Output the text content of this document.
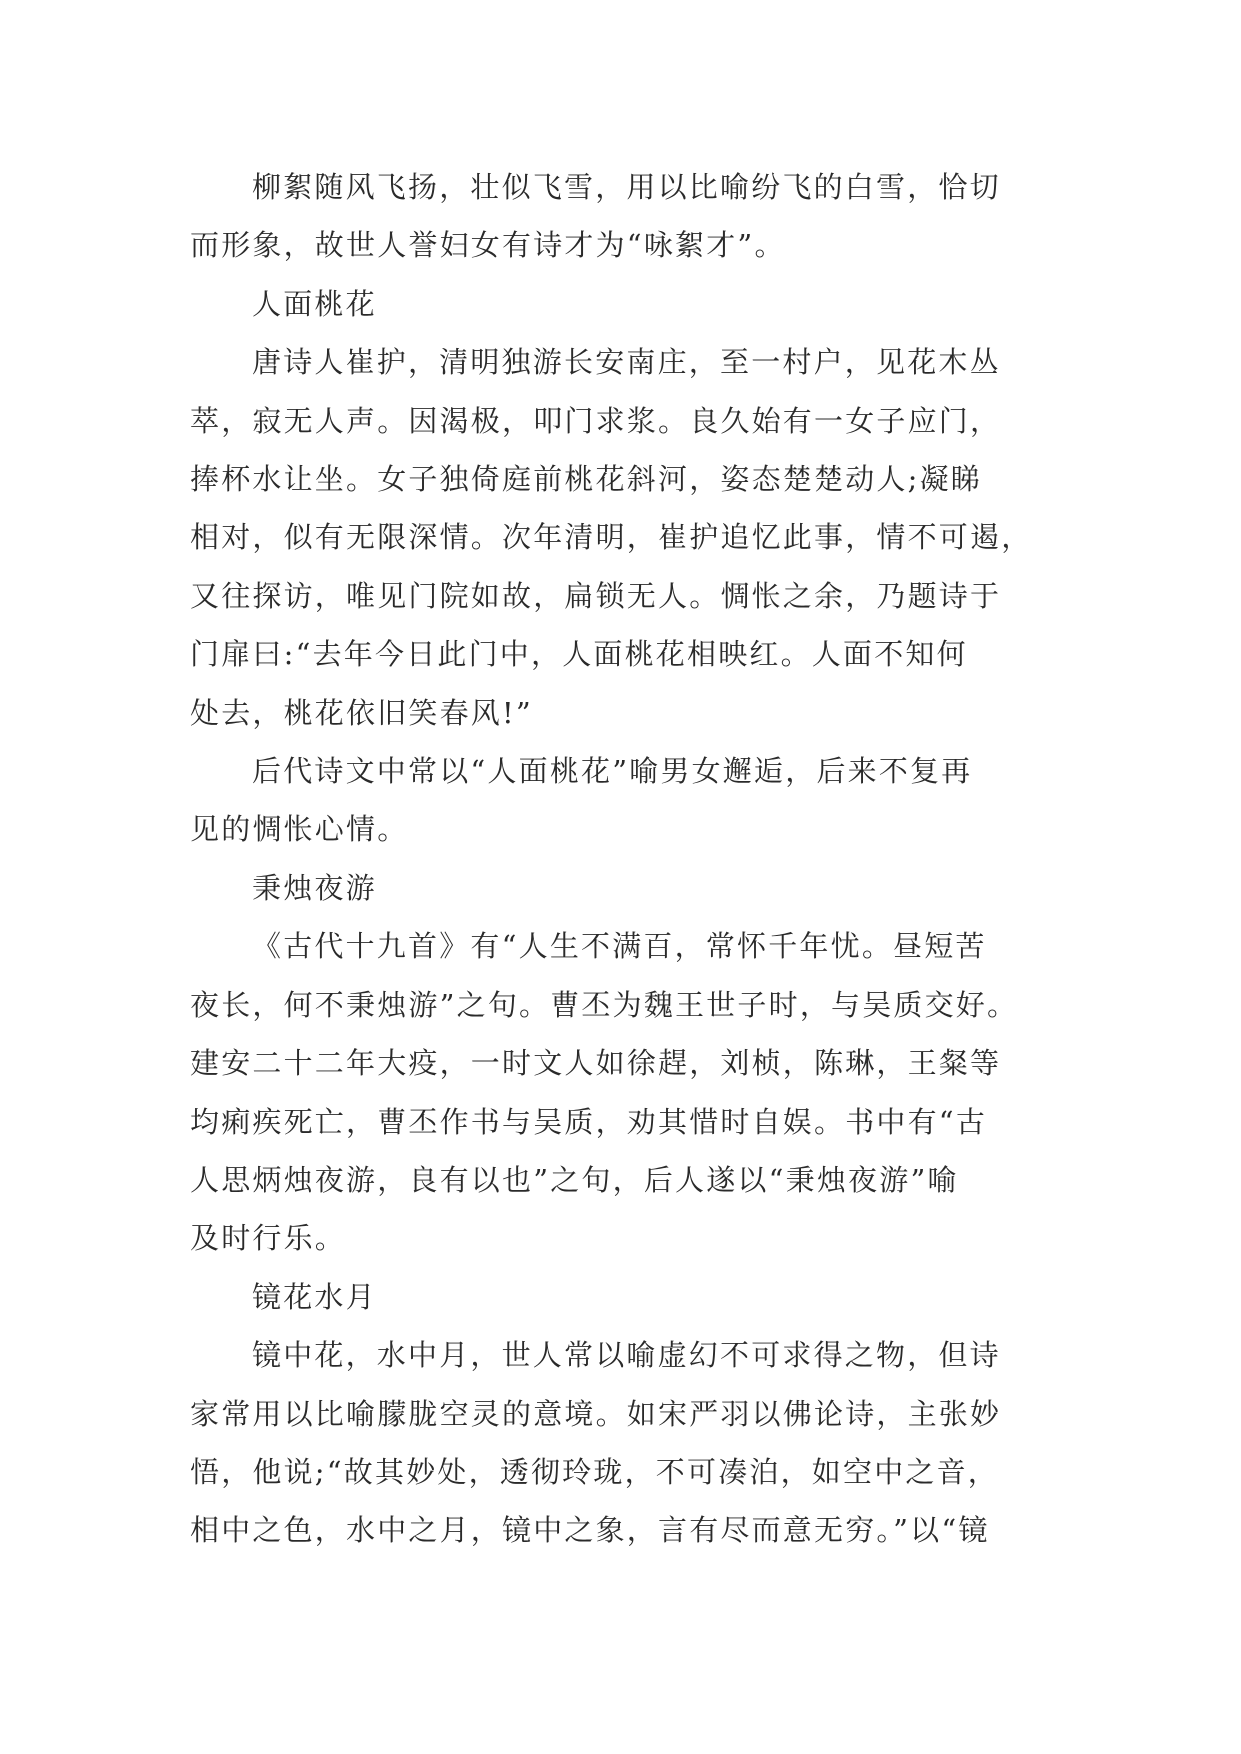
柳絮随风飞扬，壮似飞雪，用以比喻纷飞的白雪，恰切
而形象，故世人誉妇女有诗才为“咏絮才”。

人面桃花

唐诗人崔护，清明独游长安南庄，至一村户，见花木丛
萃，寂无人声。因渴极，叩门求浆。良久始有一女子应门，
捧杯水让坐。女子独倚庭前桃花斜河，姿态楚楚动人;凝睇
相对，似有无限深情。次年清明，崔护追忆此事，情不可遏，
又往探访，唯见门院如故，扁锁无人。惆怅之余，乃题诗于
门扉曰:“去年今日此门中，人面桃花相映红。人面不知何
处去，桃花依旧笑春风!”

后代诗文中常以“人面桃花”喻男女邂逅，后来不复再
见的惆怅心情。

秉烛夜游

《古代十九首》有“人生不满百，常怀千年忧。昼短苦
夜长，何不秉烛游”之句。曹丕为魏王世子时，与吴质交好。
建安二十二年大疫，一时文人如徐趕，刘桢，陈琳，王粲等
均痢疾死亡，曹丕作书与吴质，劝其惜时自娱。书中有“古
人思炳烛夜游，良有以也”之句，后人遂以“秉烛夜游”喻
及时行乐。

镜花水月

镜中花，水中月，世人常以喻虚幻不可求得之物，但诗
家常用以比喻朦胧空灵的意境。如宋严羽以佛论诗，主张妙
悟，他说;“故其妙处，透彻玲珑，不可凑泊，如空中之音，
相中之色，水中之月，镜中之象，言有尽而意无穷。”以“镜
